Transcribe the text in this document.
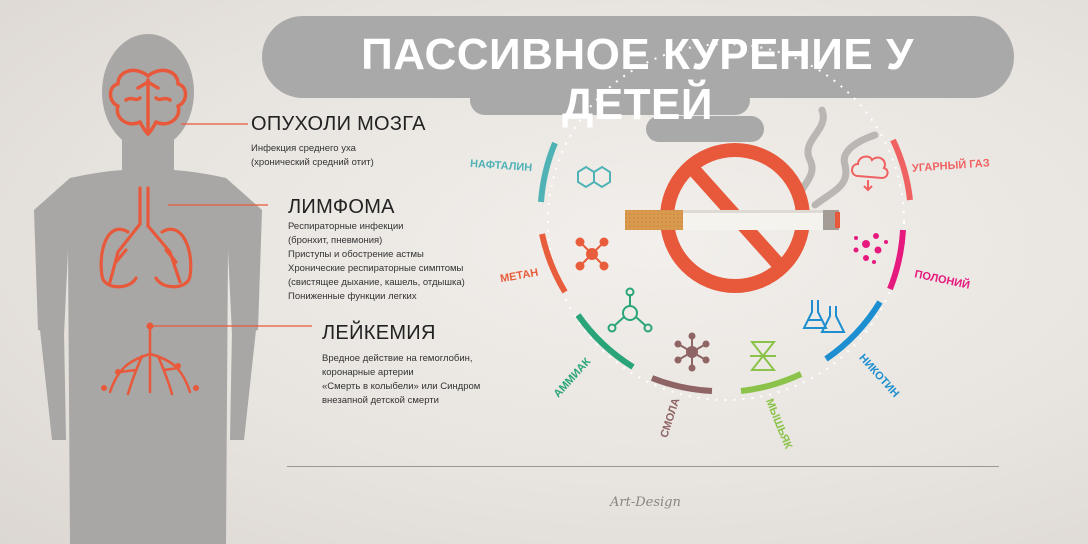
ПАССИВНОЕ КУРЕНИЕ У ДЕТЕЙ
ОПУХОЛИ МОЗГА
Инфекция среднего уха
(хронический средний отит)
ЛИМФОМА
Респираторные инфекции
(бронхит, пневмония)
Приступы и обострение астмы
Хронические респираторные симптомы
(свистящее дыхание, кашель, отдышка)
Пониженные функции легких
ЛЕЙКЕМИЯ
Вредное действие на гемоглобин,
коронарные артерии
«Смерть в колыбели» или Синдром
внезапной детской смерти
НАФТАЛИН
МЕТАН
АММИАК
СМОЛА	МЫШЬЯК
НИКОТИН
ПОЛОНИЙ
УГАРНЫЙ ГАЗ
Art-Design
